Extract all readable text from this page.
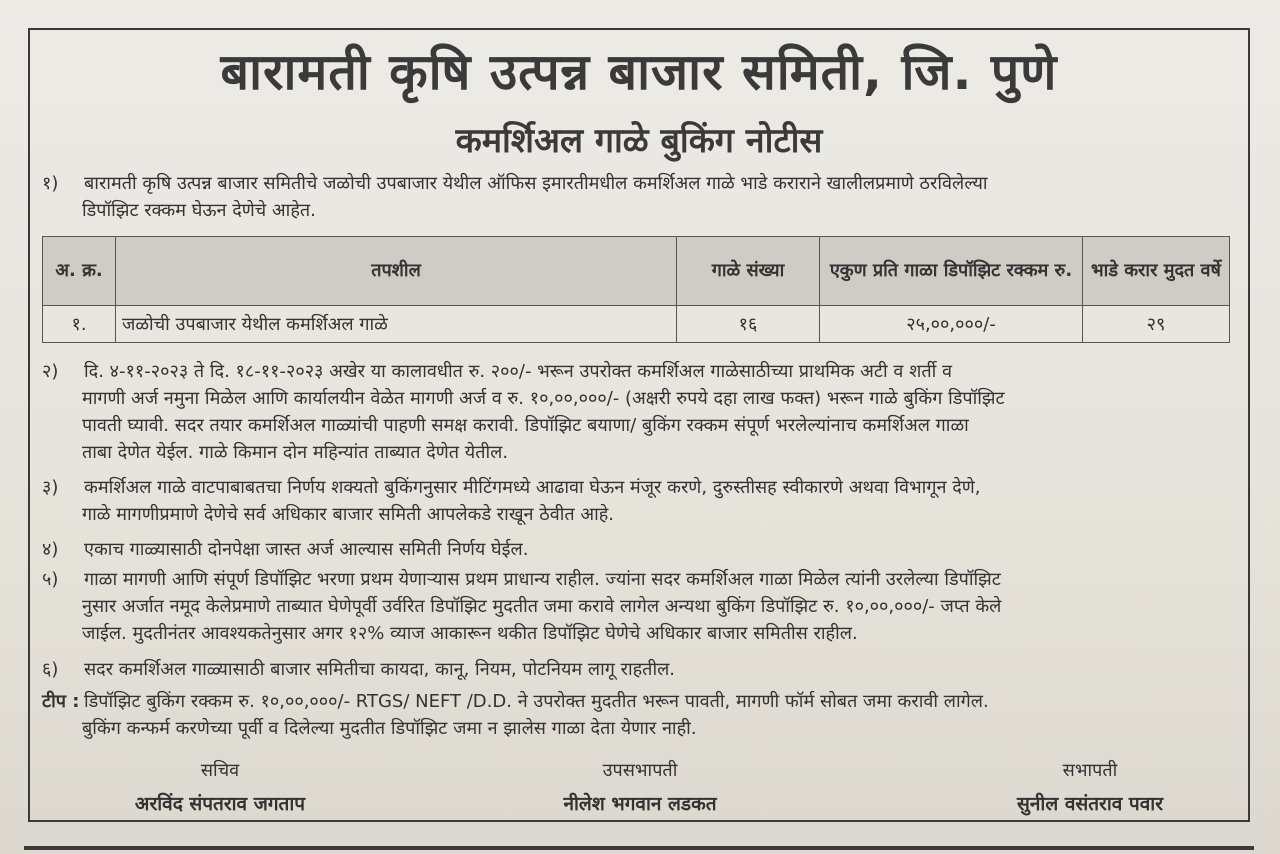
बारामती कृषि उत्पन्न बाजार समिती, जि. पुणे
कमर्शिअल गाळे बुकिंग नोटीस
१) बारामती कृषि उत्पन्न बाजार समितीचे जळोची उपबाजार येथील ऑफिस इमारतीमधील कमर्शिअल गाळे भाडे कराराने खालीलप्रमाणे ठरविलेल्या
डिपॉझिट रक्कम घेऊन देणेचे आहेत.
अ. क्र.	तपशील	गाळे संख्या	एकुण प्रति गाळा डिपॉझिट रक्कम रु.	भाडे करार मुदत वर्षे
१.	जळोची उपबाजार येथील कमर्शिअल गाळे	१६	२५,००,०००/-	२९
२) दि. ४-११-२०२३ ते दि. १८-११-२०२३ अखेर या कालावधीत रु. २००/- भरून उपरोक्त कमर्शिअल गाळेसाठीच्या प्राथमिक अटी व शर्ती व
मागणी अर्ज नमुना मिळेल आणि कार्यालयीन वेळेत मागणी अर्ज व रु. १०,००,०००/- (अक्षरी रुपये दहा लाख फक्त) भरून गाळे बुकिंग डिपॉझिट
पावती घ्यावी. सदर तयार कमर्शिअल गाळ्यांची पाहणी समक्ष करावी. डिपॉझिट बयाणा/ बुकिंग रक्कम संपूर्ण भरलेल्यांनाच कमर्शिअल गाळा
ताबा देणेत येईल. गाळे किमान दोन महिन्यांत ताब्यात देणेत येतील.
३) कमर्शिअल गाळे वाटपाबाबतचा निर्णय शक्यतो बुकिंगनुसार मीटिंगमध्ये आढावा घेऊन मंजूर करणे, दुरुस्तीसह स्वीकारणे अथवा विभागून देणे,
गाळे मागणीप्रमाणे देणेचे सर्व अधिकार बाजार समिती आपलेकडे राखून ठेवीत आहे.
४) एकाच गाळ्यासाठी दोनपेक्षा जास्त अर्ज आल्यास समिती निर्णय घेईल.
५) गाळा मागणी आणि संपूर्ण डिपॉझिट भरणा प्रथम येणाऱ्यास प्रथम प्राधान्य राहील. ज्यांना सदर कमर्शिअल गाळा मिळेल त्यांनी उरलेल्या डिपॉझिट
नुसार अर्जात नमूद केलेप्रमाणे ताब्यात घेणेपूर्वी उर्वरित डिपॉझिट मुदतीत जमा करावे लागेल अन्यथा बुकिंग डिपॉझिट रु. १०,००,०००/- जप्त केले
जाईल. मुदतीनंतर आवश्यकतेनुसार अगर १२% व्याज आकारून थकीत डिपॉझिट घेणेचे अधिकार बाजार समितीस राहील.
६) सदर कमर्शिअल गाळ्यासाठी बाजार समितीचा कायदा, कानू, नियम, पोटनियम लागू राहतील.
टीप : डिपॉझिट बुकिंग रक्कम रु. १०,००,०००/- RTGS/ NEFT /D.D. ने उपरोक्त मुदतीत भरून पावती, मागणी फॉर्म सोबत जमा करावी लागेल.
बुकिंग कन्फर्म करणेच्या पूर्वी व दिलेल्या मुदतीत डिपॉझिट जमा न झालेस गाळा देता येणार नाही.
सचिव
अरविंद संपतराव जगताप
उपसभापती
नीलेश भगवान लडकत
सभापती
सुनील वसंतराव पवार
